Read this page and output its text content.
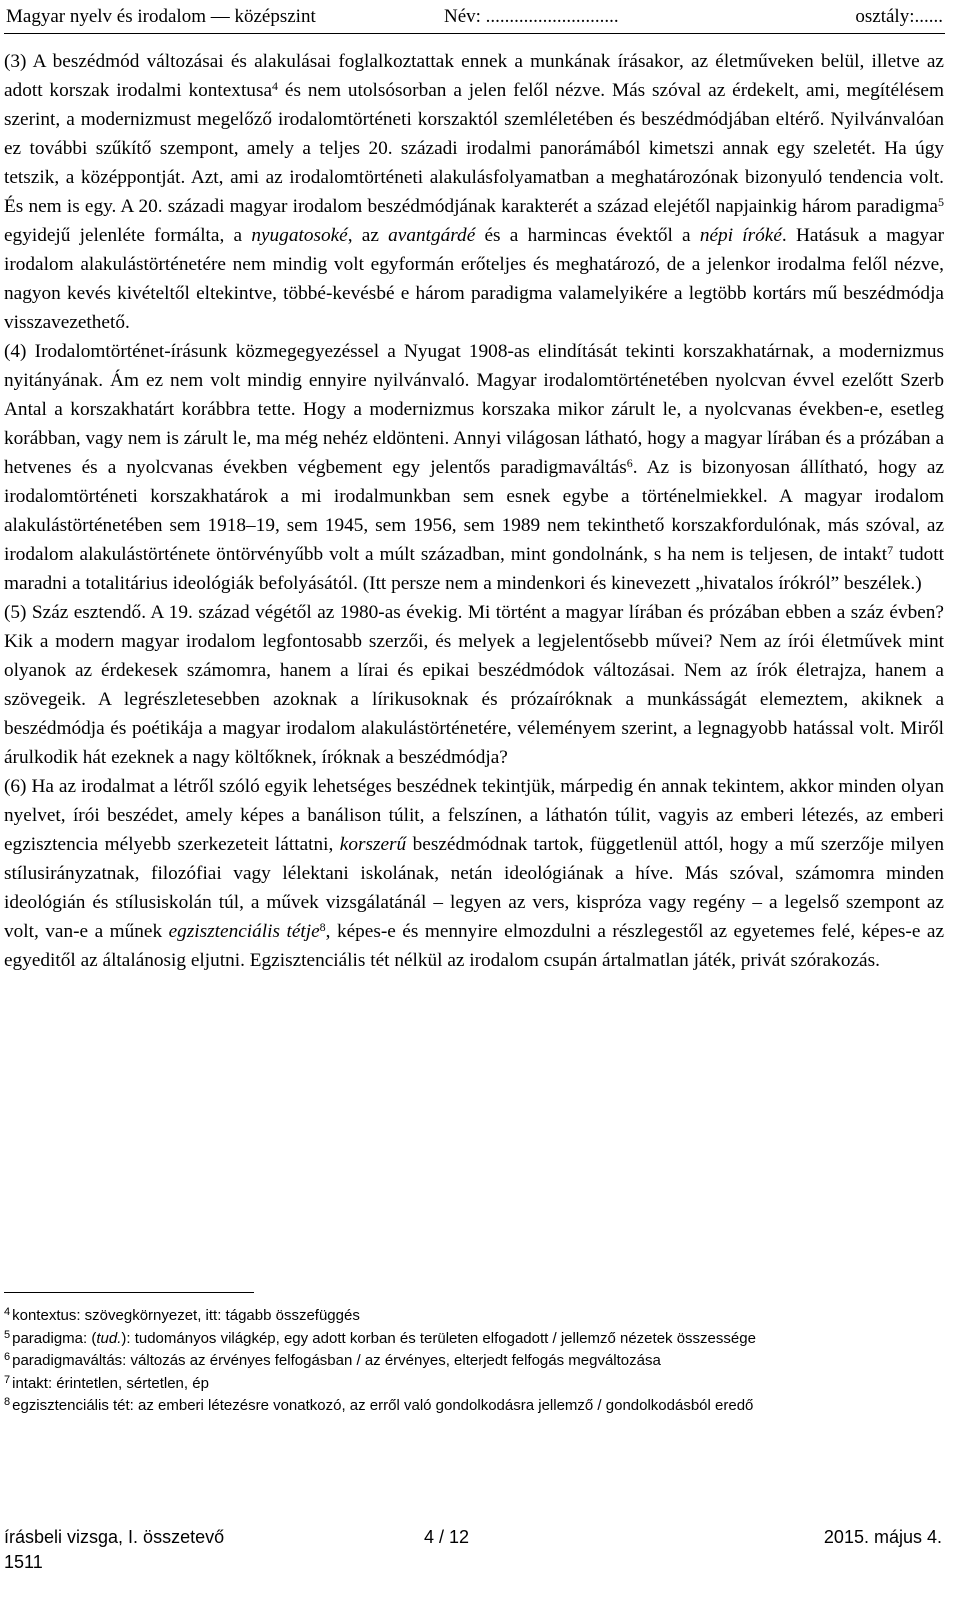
Magyar nyelv és irodalom — középszint	Név: ............................	osztály:......

(3) A beszédmód változásai és alakulásai foglalkoztattak ennek a munkának írásakor, az életműveken belül, illetve az adott korszak irodalmi kontextusa$^4$ és nem utolsósorban a jelen felől nézve. Más szóval az érdekelt, ami, megítélésem szerint, a modernizmust megelőző irodalomtörténeti korszaktól szemléletében és beszédmódjában eltérő. Nyilvánvalóan ez további szűkítő szempont, amely a teljes 20. századi irodalmi panorámából kimetszi annak egy szeletét. Ha úgy tetszik, a középpontját. Azt, ami az irodalomtörténeti alakulásfolyamatban a meghatározónak bizonyuló tendencia volt. És nem is egy. A 20. századi magyar irodalom beszédmódjának karakterét a század elejétől napjainkig három paradigma$^5$ egyidejű jelenléte formálta, a nyugatosoké, az avantgárdé és a harmincas évektől a népi íróké. Hatásuk a magyar irodalom alakulástörténetére nem mindig volt egyformán erőteljes és meghatározó, de a jelenkor irodalma felől nézve, nagyon kevés kivételtől eltekintve, többé-kevésbé e három paradigma valamelyikére a legtöbb kortárs mű beszédmódja visszavezethető.

(4) Irodalomtörténet-írásunk közmegegyezéssel a Nyugat 1908-as elindítását tekinti korszakhatárnak, a modernizmus nyitányának. Ám ez nem volt mindig ennyire nyilvánvaló. Magyar irodalomtörténetében nyolcvan évvel ezelőtt Szerb Antal a korszakhatárt korábbra tette. Hogy a modernizmus korszaka mikor zárult le, a nyolcvanas években-e, esetleg korábban, vagy nem is zárult le, ma még nehéz eldönteni. Annyi világosan látható, hogy a magyar lírában és a prózában a hetvenes és a nyolcvanas években végbement egy jelentős paradigmaváltás$^6$. Az is bizonyosan állítható, hogy az irodalomtörténeti korszakhatárok a mi irodalmunkban sem esnek egybe a történelmiekkel. A magyar irodalom alakulástörténetében sem 1918–19, sem 1945, sem 1956, sem 1989 nem tekinthető korszakfordulónak, más szóval, az irodalom alakulástörténete öntörvényűbb volt a múlt században, mint gondolnánk, s ha nem is teljesen, de intakt$^7$ tudott maradni a totalitárius ideológiák befolyásától. (Itt persze nem a mindenkori és kinevezett „hivatalos írókról” beszélek.)

(5) Száz esztendő. A 19. század végétől az 1980-as évekig. Mi történt a magyar lírában és prózában ebben a száz évben? Kik a modern magyar irodalom legfontosabb szerzői, és melyek a legjelentősebb művei? Nem az írói életművek mint olyanok az érdekesek számomra, hanem a lírai és epikai beszédmódok változásai. Nem az írók életrajza, hanem a szövegeik. A legrészletesebben azoknak a lírikusoknak és prózaíróknak a munkásságát elemeztem, akiknek a beszédmódja és poétikája a magyar irodalom alakulástörténetére, véleményem szerint, a legnagyobb hatással volt. Miről árulkodik hát ezeknek a nagy költőknek, íróknak a beszédmódja?

(6) Ha az irodalmat a létről szóló egyik lehetséges beszédnek tekintjük, márpedig én annak tekintem, akkor minden olyan nyelvet, írói beszédet, amely képes a banálison túlit, a felszínen, a láthatón túlit, vagyis az emberi létezés, az emberi egzisztencia mélyebb szerkezeteit láttatni, korszerű beszédmódnak tartok, függetlenül attól, hogy a mű szerzője milyen stílusirányzatnak, filozófiai vagy lélektani iskolának, netán ideológiának a híve. Más szóval, számomra minden ideológián és stílusiskolán túl, a művek vizsgálatánál – legyen az vers, kispróza vagy regény – a legelső szempont az volt, van-e a műnek egzisztenciális tétje$^8$, képes-e és mennyire elmozdulni a részlegestől az egyetemes felé, képes-e az egyeditől az általánosig eljutni. Egzisztenciális tét nélkül az irodalom csupán ártalmatlan játék, privát szórakozás.

$^4$ kontextus: szövegkörnyezet, itt: tágabb összefüggés

$^5$ paradigma: (tud.): tudományos világkép, egy adott korban és területen elfogadott / jellemző nézetek összessége

$^6$ paradigmaváltás: változás az érvényes felfogásban / az érvényes, elterjedt felfogás megváltozása

$^7$ intakt: érintetlen, sértetlen, ép

$^8$ egzisztenciális tét: az emberi létezésre vonatkozó, az erről való gondolkodásra jellemző / gondolkodásból eredő

írásbeli vizsga, I. összetevő	4 / 12	2015. május 4.
1511
